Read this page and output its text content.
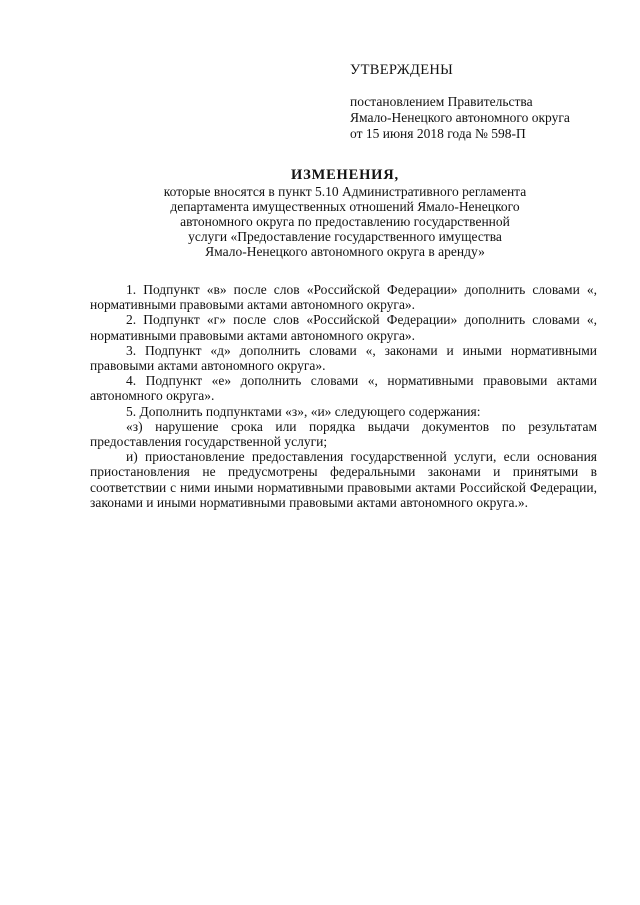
УТВЕРЖДЕНЫ
постановлением Правительства
Ямало-Ненецкого автономного округа
от 15 июня 2018 года № 598-П
ИЗМЕНЕНИЯ,
которые вносятся в пункт 5.10 Административного регламента
департамента имущественных отношений Ямало-Ненецкого
автономного округа по предоставлению государственной
услуги «Предоставление государственного имущества
Ямало-Ненецкого автономного округа в аренду»

1. Подпункт «в» после слов «Российской Федерации» дополнить словами «, нормативными правовыми актами автономного округа».

2. Подпункт «г» после слов «Российской Федерации» дополнить словами «, нормативными правовыми актами автономного округа».

3. Подпункт «д» дополнить словами «, законами и иными нормативными правовыми актами автономного округа».

4. Подпункт «е» дополнить словами «, нормативными правовыми актами автономного округа».

5. Дополнить подпунктами «з», «и» следующего содержания:

«з) нарушение срока или порядка выдачи документов по результатам предоставления государственной услуги;

и) приостановление предоставления государственной услуги, если основания приостановления не предусмотрены федеральными законами и принятыми в соответствии с ними иными нормативными правовыми актами Российской Федерации, законами и иными нормативными правовыми актами автономного округа.».
